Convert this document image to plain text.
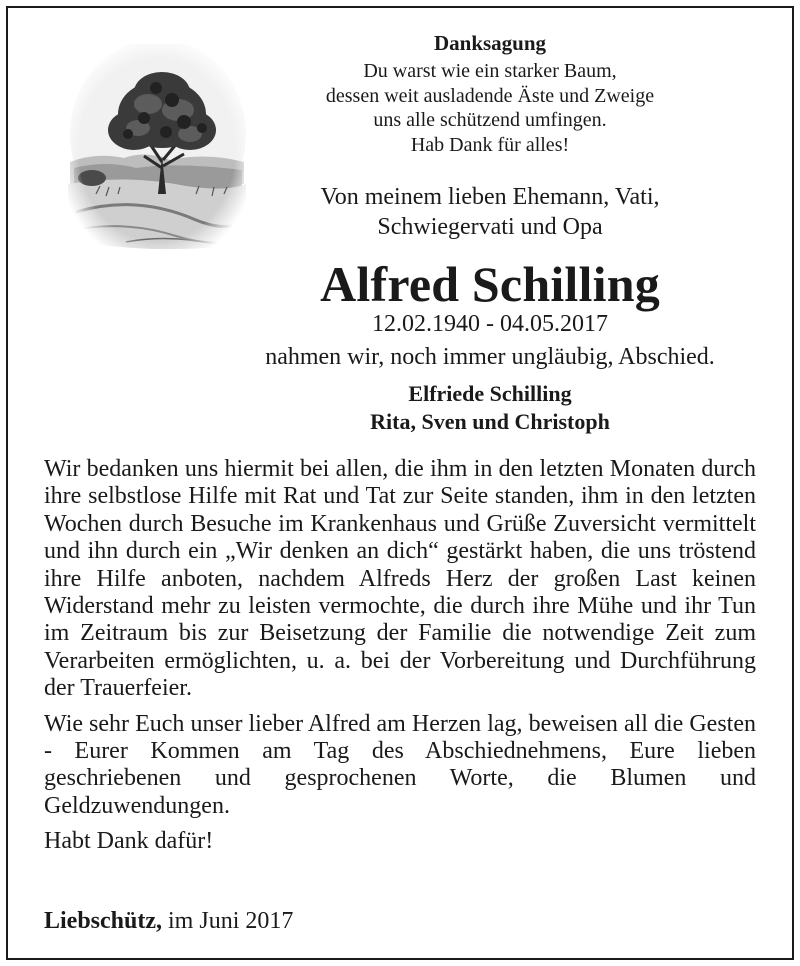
Danksagung
Du warst wie ein starker Baum,
dessen weit ausladende Äste und Zweige
uns alle schützend umfingen.
Hab Dank für alles!
Von meinem lieben Ehemann, Vati,
Schwiegervati und Opa
Alfred Schilling
12.02.1940 - 04.05.2017
nahmen wir, noch immer ungläubig, Abschied.
Elfriede Schilling
Rita, Sven und Christoph

Wir bedanken uns hiermit bei allen, die ihm in den letzten Monaten durch ihre selbstlose Hilfe mit Rat und Tat zur Seite standen, ihm in den letzten Wochen durch Besuche im Krankenhaus und Grüße Zuversicht vermittelt und ihn durch ein „Wir denken an dich“ gestärkt haben, die uns tröstend ihre Hilfe anboten, nachdem Alfreds Herz der großen Last keinen Widerstand mehr zu leisten vermochte, die durch ihre Mühe und ihr Tun im Zeitraum bis zur Beisetzung der Familie die notwendige Zeit zum Verarbeiten ermöglichten, u. a. bei der Vorbereitung und Durchführung der Trauerfeier.

Wie sehr Euch unser lieber Alfred am Herzen lag, beweisen all die Gesten - Eurer Kommen am Tag des Abschiednehmens, Eure lieben geschriebenen und gesprochenen Worte, die Blumen und Geldzuwendungen.

Habt Dank dafür!

Liebschütz, im Juni 2017
